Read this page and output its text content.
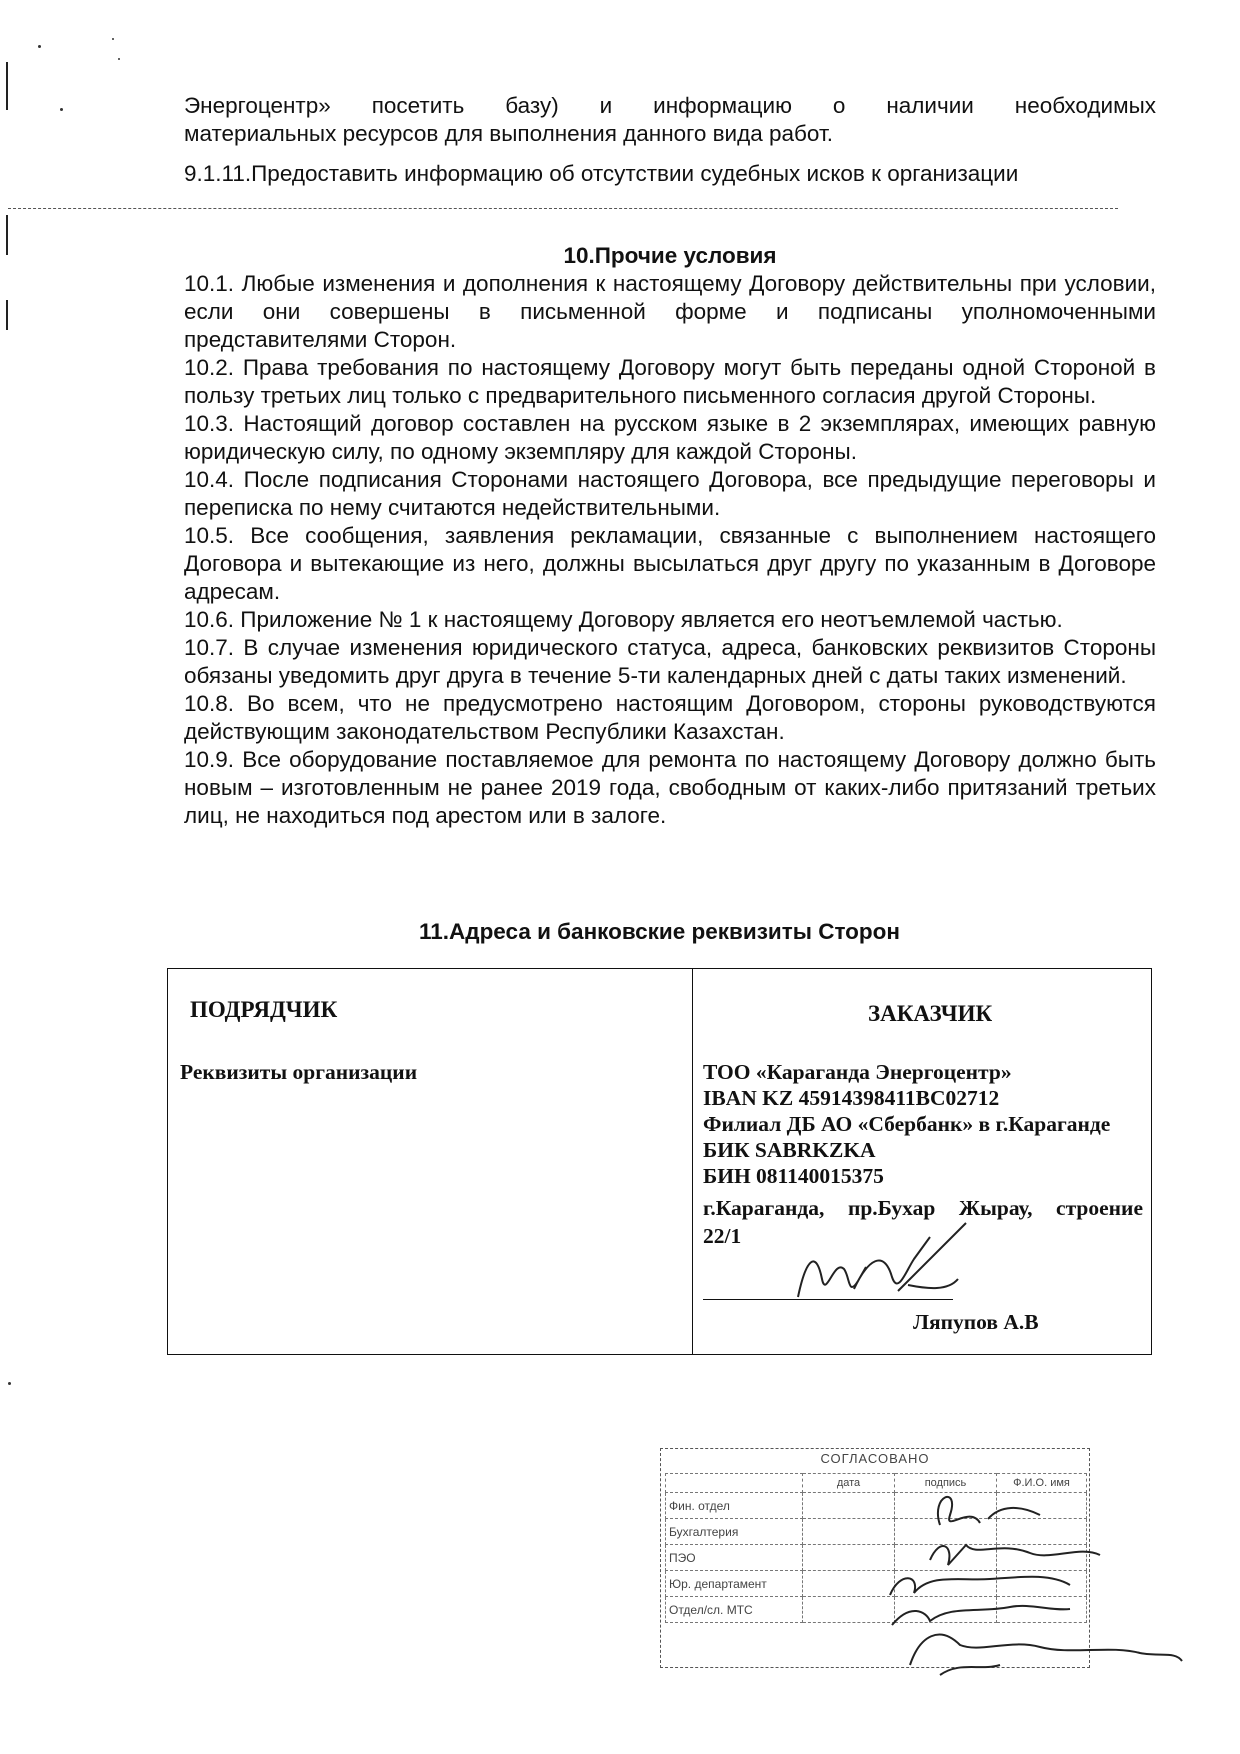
Энергоцентр» посетить базу) и информацию о наличии необходимых
материальных ресурсов для выполнения данного вида работ.
9.1.11.Предоставить информацию об отсутствии судебных исков к организации
10.Прочие условия

10.1. Любые изменения и дополнения к настоящему Договору действительны при условии, если они совершены в письменной форме и подписаны уполномоченными представителями Сторон.

10.2. Права требования по настоящему Договору могут быть переданы одной Стороной в пользу третьих лиц только с предварительного письменного согласия другой Стороны.

10.3. Настоящий договор составлен на русском языке в 2 экземплярах, имеющих равную юридическую силу, по одному экземпляру для каждой Стороны.

10.4. После подписания Сторонами настоящего Договора, все предыдущие переговоры и переписка по нему считаются недействительными.

10.5. Все сообщения, заявления рекламации, связанные с выполнением настоящего Договора и вытекающие из него, должны высылаться друг другу по указанным в Договоре адресам.

10.6. Приложение № 1 к настоящему Договору является его неотъемлемой частью.

10.7. В случае изменения юридического статуса, адреса, банковских реквизитов Стороны обязаны уведомить друг друга в течение 5-ти календарных дней с даты таких изменений.

10.8. Во всем, что не предусмотрено настоящим Договором, стороны руководствуются действующим законодательством Республики Казахстан.

10.9. Все оборудование поставляемое для ремонта по настоящему Договору должно быть новым – изготовленным не ранее 2019 года, свободным от каких-либо притязаний третьих лиц, не находиться под арестом или в залоге.

11.Адреса и банковские реквизиты Сторон
ПОДРЯДЧИК
Реквизиты организации
ЗАКАЗЧИК
ТОО «Караганда Энергоцентр»
IBAN KZ 45914398411BC02712
Филиал ДБ АО «Сбербанк» в г.Караганде
БИК SABRKZKA
БИН 081140015375
г.Караганда, пр.Бухар Жырау, строение
22/1
Ляпупов А.В
СОГЛАСОВАНО
	дата	подпись	Ф.И.О. имя
Фин. отдел			
Бухгалтерия			
ПЭО			
Юр. департамент			
Отдел/сл. МТС			
